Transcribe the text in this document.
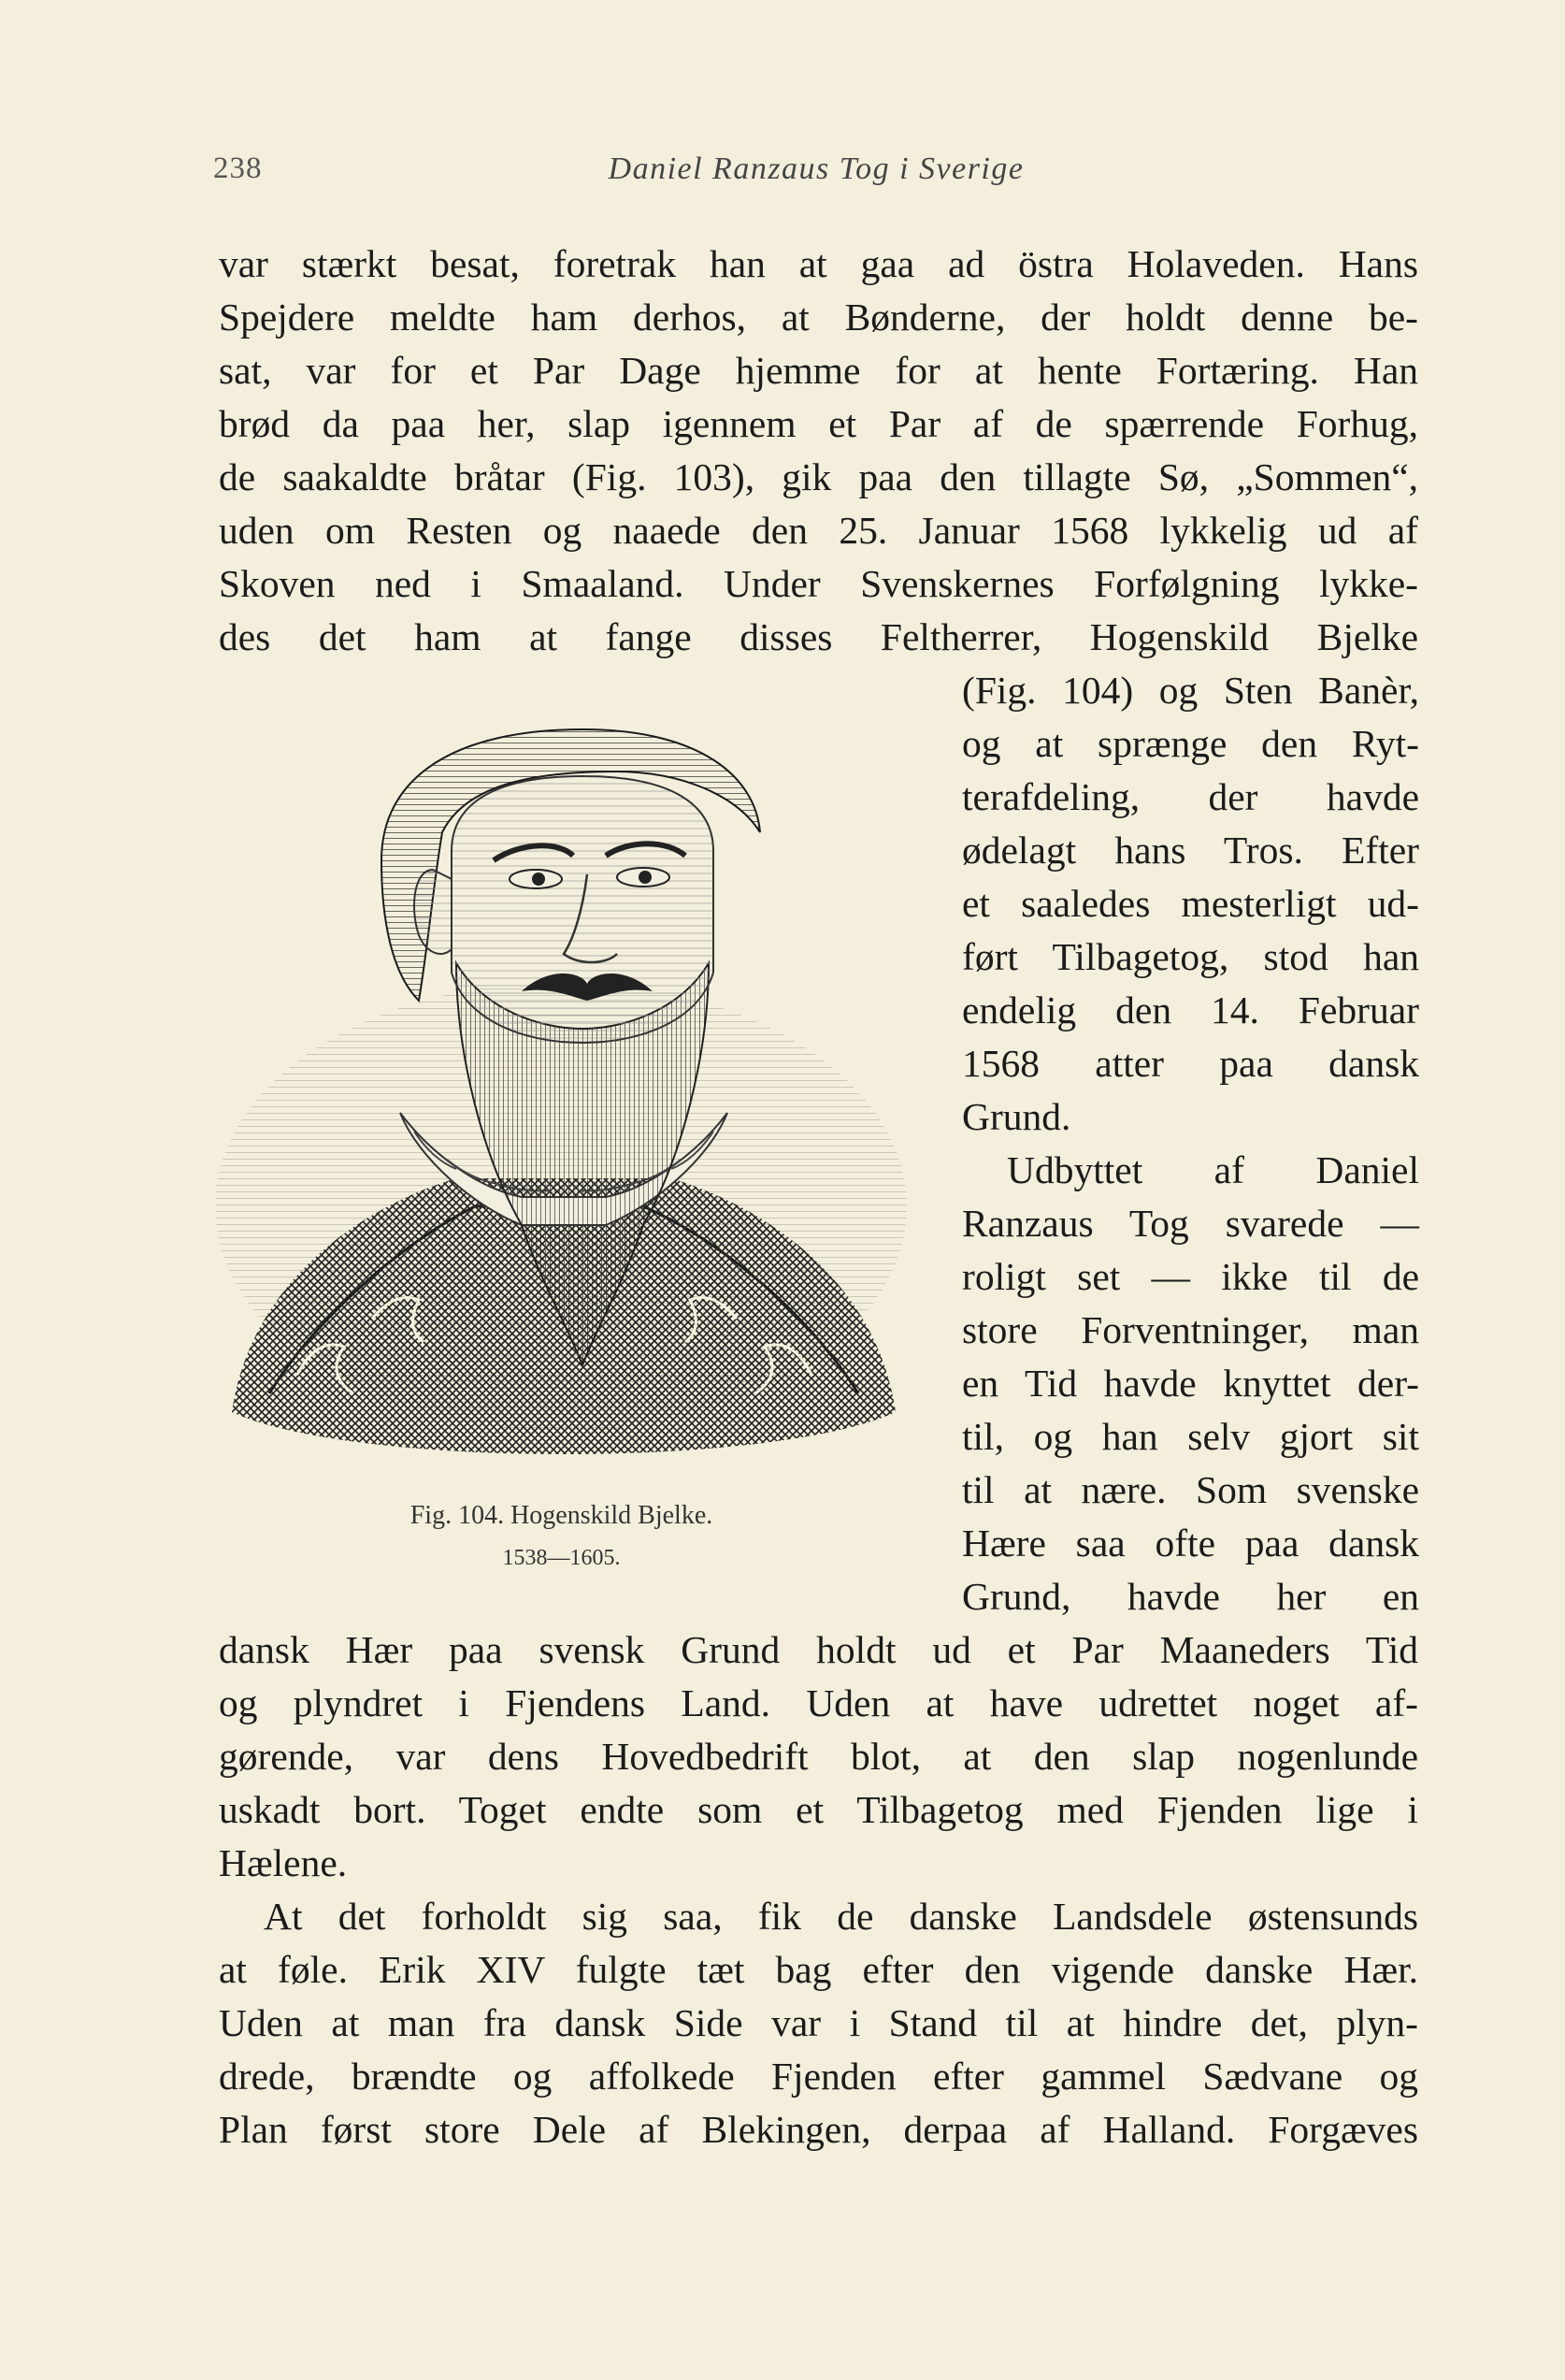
238	Daniel Ranzaus Tog i Sverige
var stærkt besat, foretrak han at gaa ad östra Holaveden. Hans
Spejdere meldte ham derhos, at Bønderne, der holdt denne be-
sat, var for et Par Dage hjemme for at hente Fortæring. Han
brød da paa her, slap igennem et Par af de spærrende Forhug,
de saakaldte bråtar (Fig. 103), gik paa den tillagte Sø, „Sommen“,
uden om Resten og naaede den 25. Januar 1568 lykkelig ud af
Skoven ned i Smaaland. Under Svenskernes Forfølgning lykke-
des det ham at fange disses Feltherrer, Hogenskild Bjelke
(Fig. 104) og Sten Banèr,
og at sprænge den Ryt-
terafdeling, der havde
ødelagt hans Tros. Efter
et saaledes mesterligt ud-
ført Tilbagetog, stod han
endelig den 14. Februar
1568 atter paa dansk
Grund.
Udbyttet af Daniel
Ranzaus Tog svarede —
roligt set — ikke til de
store Forventninger, man
en Tid havde knyttet der-
til, og han selv gjort sit
til at nære. Som svenske
Hære saa ofte paa dansk
Grund, havde her en
Fig. 104. Hogenskild Bjelke.
1538—1605.
dansk Hær paa svensk Grund holdt ud et Par Maaneders Tid
og plyndret i Fjendens Land. Uden at have udrettet noget af-
gørende, var dens Hovedbedrift blot, at den slap nogenlunde
uskadt bort. Toget endte som et Tilbagetog med Fjenden lige i
Hælene.
At det forholdt sig saa, fik de danske Landsdele østensunds
at føle. Erik XIV fulgte tæt bag efter den vigende danske Hær.
Uden at man fra dansk Side var i Stand til at hindre det, plyn-
drede, brændte og affolkede Fjenden efter gammel Sædvane og
Plan først store Dele af Blekingen, derpaa af Halland. Forgæves
